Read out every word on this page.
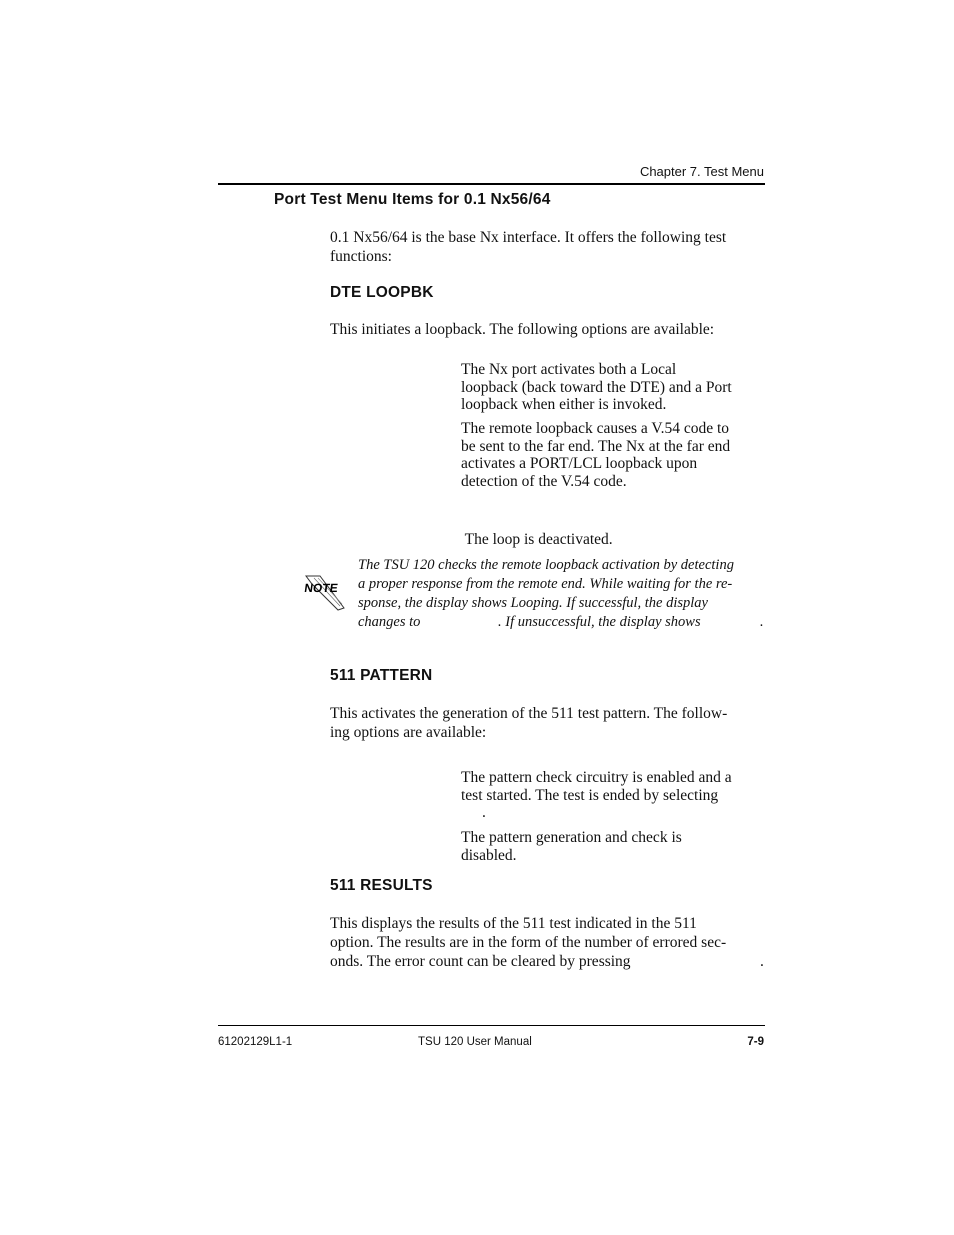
Chapter 7. Test Menu
Port Test Menu Items for 0.1 Nx56/64
0.1 Nx56/64 is the base Nx interface. It offers the following test
functions:
DTE LOOPBK
This initiates a loopback. The following options are available:
The Nx port activates both a Local
loopback (back toward the DTE) and a Port
loopback when either is invoked.
The remote loopback causes a V.54 code to
be sent to the far end. The Nx at the far end
activates a PORT/LCL loopback upon
detection of the V.54 code.

The loop is deactivated.

NOTE
The TSU 120 checks the remote loopback activation by detecting
a proper response from the remote end. While waiting for the re-
sponse, the display shows Looping. If successful, the display
changes to	. If unsuccessful, the display shows	.
511 PATTERN
This activates the generation of the 511 test pattern. The follow-
ing options are available:
The pattern check circuitry is enabled and a
test started. The test is ended by selecting
.
The pattern generation and check is
disabled.
511 RESULTS
This displays the results of the 511 test indicated in the 511
option. The results are in the form of the number of errored sec-
onds. The error count can be cleared by pressing	.
61202129L1-1	TSU 120 User Manual	7-9
